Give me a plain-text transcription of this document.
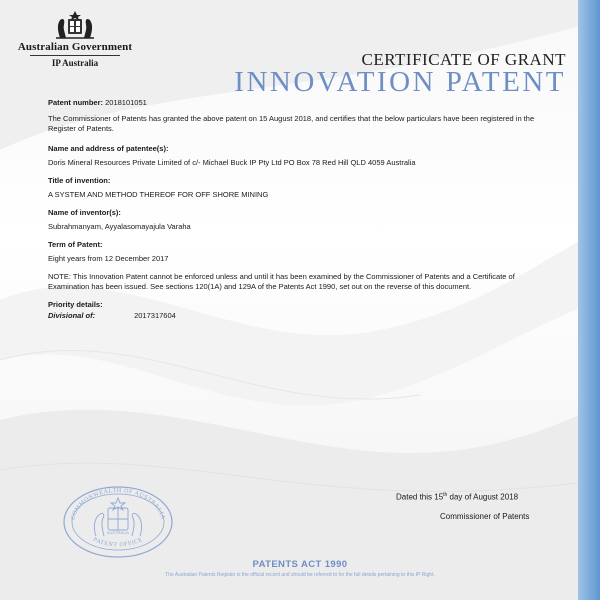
Australian Government
IP Australia	CERTIFICATE OF GRANT
INNOVATION PATENT
Patent number: 2018101051
The Commissioner of Patents has granted the above patent on 15 August 2018, and certifies that the below particulars have been registered in the Register of Patents.
Name and address of patentee(s):
Doris Mineral Resources Private Limited of c/- Michael Buck IP Pty Ltd PO Box 78 Red Hill QLD 4059 Australia
Title of invention:
A SYSTEM AND METHOD THEREOF FOR OFF SHORE MINING
Name of inventor(s):
Subrahmanyam, Ayyalasomayajula Varaha
Term of Patent:
Eight years from 12 December 2017
NOTE: This Innovation Patent cannot be enforced unless and until it has been examined by the Commissioner of Patents and a Certificate of Examination has been issued. See sections 120(1A) and 129A of the Patents Act 1990, set out on the reverse of this document.
Priority details:
Divisional of:	2017317604
Dated this 15th day of August 2018
Commissioner of Patents
COMMONWEALTH OF AUSTRALIA
PATENT OFFICE
AUSTRALIA
PATENTS ACT 1990
The Australian Patents Register is the official record and should be referred to for the full details pertaining to this IP Right.
